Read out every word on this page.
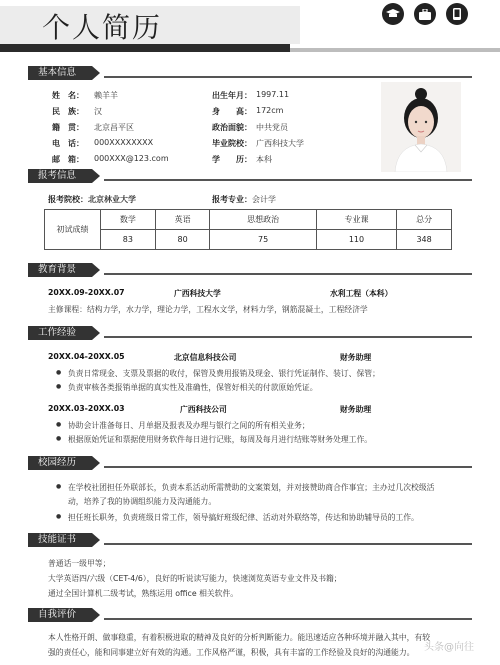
个人简历
基本信息
姓　名： 赖羊羊
民　族： 汉
籍　贯： 北京昌平区
电　话： 000XXXXXXXX
邮　箱： 000XXX@123.com
出生年月： 1997.11
身　　高： 172cm
政治面貌： 中共党员
毕业院校： 广西科技大学
学　　历： 本科
报考信息
报考院校： 北京林业大学	报考专业： 会计学
初试成绩	数学	英语	思想政治	专业课	总分
	83	80	75	110	348
教育背景
20XX.09-20XX.07	广西科技大学	水利工程（本科）
主修课程：结构力学，水力学，理论力学，工程水文学，材料力学，钢筋混凝土，工程经济学
工作经验
20XX.04-20XX.05	北京信息科技公司	财务助理
● 负责日常现金、支票及票据的收付，保管及费用报销及现金、银行凭证制作、装订、保管；
● 负责审核各类报销单据的真实性及准确性，保管好相关的付款原始凭证。
20XX.03-20XX.03	广西科技公司	财务助理
● 协助会计准备每日、月单据及报表及办理与银行之间的所有相关业务；
● 根据原始凭证和票据使用财务软件每日进行记账，每周及每月进行结账等财务处理工作。
校园经历
● 在学校社团担任外联部长，负责本系活动所需赞助的文案策划，并对接赞助商合作事宜；主办过几次校级活
动，培养了我的协调组织能力及沟通能力。
● 担任班长职务，负责班级日常工作，领导搞好班级纪律、活动对外联络等，传达和协助辅导员的工作。
技能证书
普通话一级甲等；
大学英语四/六级（CET-4/6），良好的听说读写能力，快速浏览英语专业文件及书籍；
通过全国计算机二级考试，熟练运用 office 相关软件。
自我评价
本人性格开朗、做事稳重，有着积极进取的精神及良好的分析判断能力。能迅速适应各种环境并融入其中，有较
强的责任心，能和同事建立好有效的沟通。工作风格严谨，积极，具有丰富的工作经验及良好的沟通能力。 头条@向往
